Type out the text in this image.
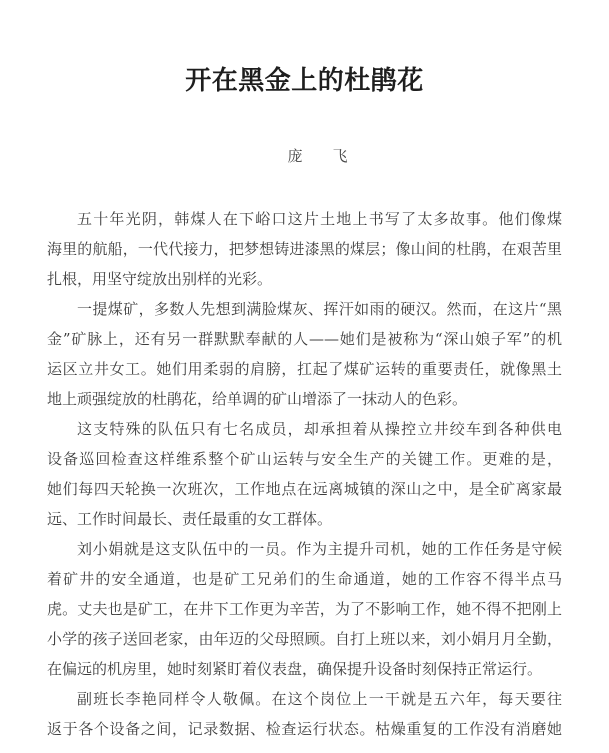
开在黑金上的杜鹃花
庞　　飞

五十年光阴，韩煤人在下峪口这片土地上书写了太多故事。他们像煤
海里的航船，一代代接力，把梦想铸进漆黑的煤层；像山间的杜鹃，在艰苦里
扎根，用坚守绽放出别样的光彩。

一提煤矿，多数人先想到满脸煤灰、挥汗如雨的硬汉。然而，在这片“黑
金”矿脉上，还有另一群默默奉献的人——她们是被称为“深山娘子军”的机
运区立井女工。她们用柔弱的肩膀，扛起了煤矿运转的重要责任，就像黑土
地上顽强绽放的杜鹃花，给单调的矿山增添了一抹动人的色彩。

这支特殊的队伍只有七名成员，却承担着从操控立井绞车到各种供电
设备巡回检查这样维系整个矿山运转与安全生产的关键工作。更难的是，
她们每四天轮换一次班次，工作地点在远离城镇的深山之中，是全矿离家最
远、工作时间最长、责任最重的女工群体。

刘小娟就是这支队伍中的一员。作为主提升司机，她的工作任务是守候
着矿井的安全通道，也是矿工兄弟们的生命通道，她的工作容不得半点马
虎。丈夫也是矿工，在井下工作更为辛苦，为了不影响工作，她不得不把刚上
小学的孩子送回老家，由年迈的父母照顾。自打上班以来，刘小娟月月全勤，
在偏远的机房里，她时刻紧盯着仪表盘，确保提升设备时刻保持正常运行。

副班长李艳同样令人敬佩。在这个岗位上一干就是五六年，每天要往
返于各个设备之间，记录数据、检查运行状态。枯燥重复的工作没有消磨她
